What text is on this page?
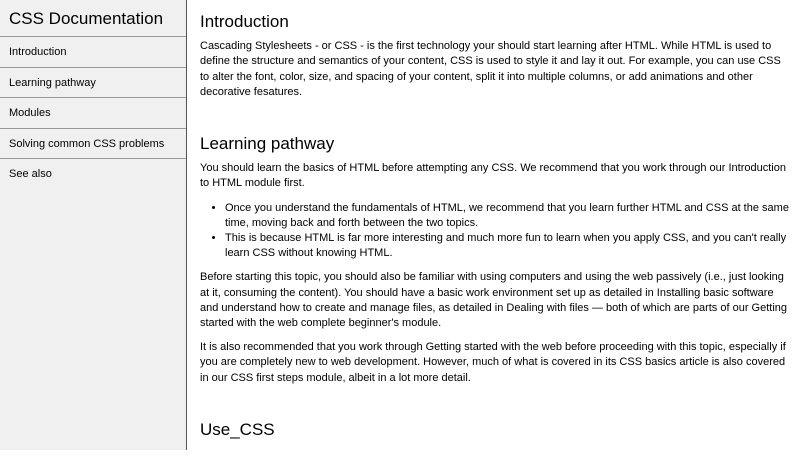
CSS Documentation
Introduction
Learning pathway
Modules
Solving common CSS problems
See also
Introduction

Cascading Stylesheets - or CSS - is the first technology your should start learning after HTML. While HTML is used to define the structure and semantics of your content, CSS is used to style it and lay it out. For example, you can use CSS to alter the font, color, size, and spacing of your content, split it into multiple columns, or add animations and other decorative fesatures.

Learning pathway

You should learn the basics of HTML before attempting any CSS. We recommend that you work through our Introduction to HTML module first.

• Once you understand the fundamentals of HTML, we recommend that you learn further HTML and CSS at the same time, moving back and forth between the two topics.
• This is because HTML is far more interesting and much more fun to learn when you apply CSS, and you can't really learn CSS without knowing HTML.

Before starting this topic, you should also be familiar with using computers and using the web passively (i.e., just looking at it, consuming the content). You should have a basic work environment set up as detailed in Installing basic software and understand how to create and manage files, as detailed in Dealing with files — both of which are parts of our Getting started with the web complete beginner's module.

It is also recommended that you work through Getting started with the web before proceeding with this topic, especially if you are completely new to web development. However, much of what is covered in its CSS basics article is also covered in our CSS first steps module, albeit in a lot more detail.

Use_CSS
